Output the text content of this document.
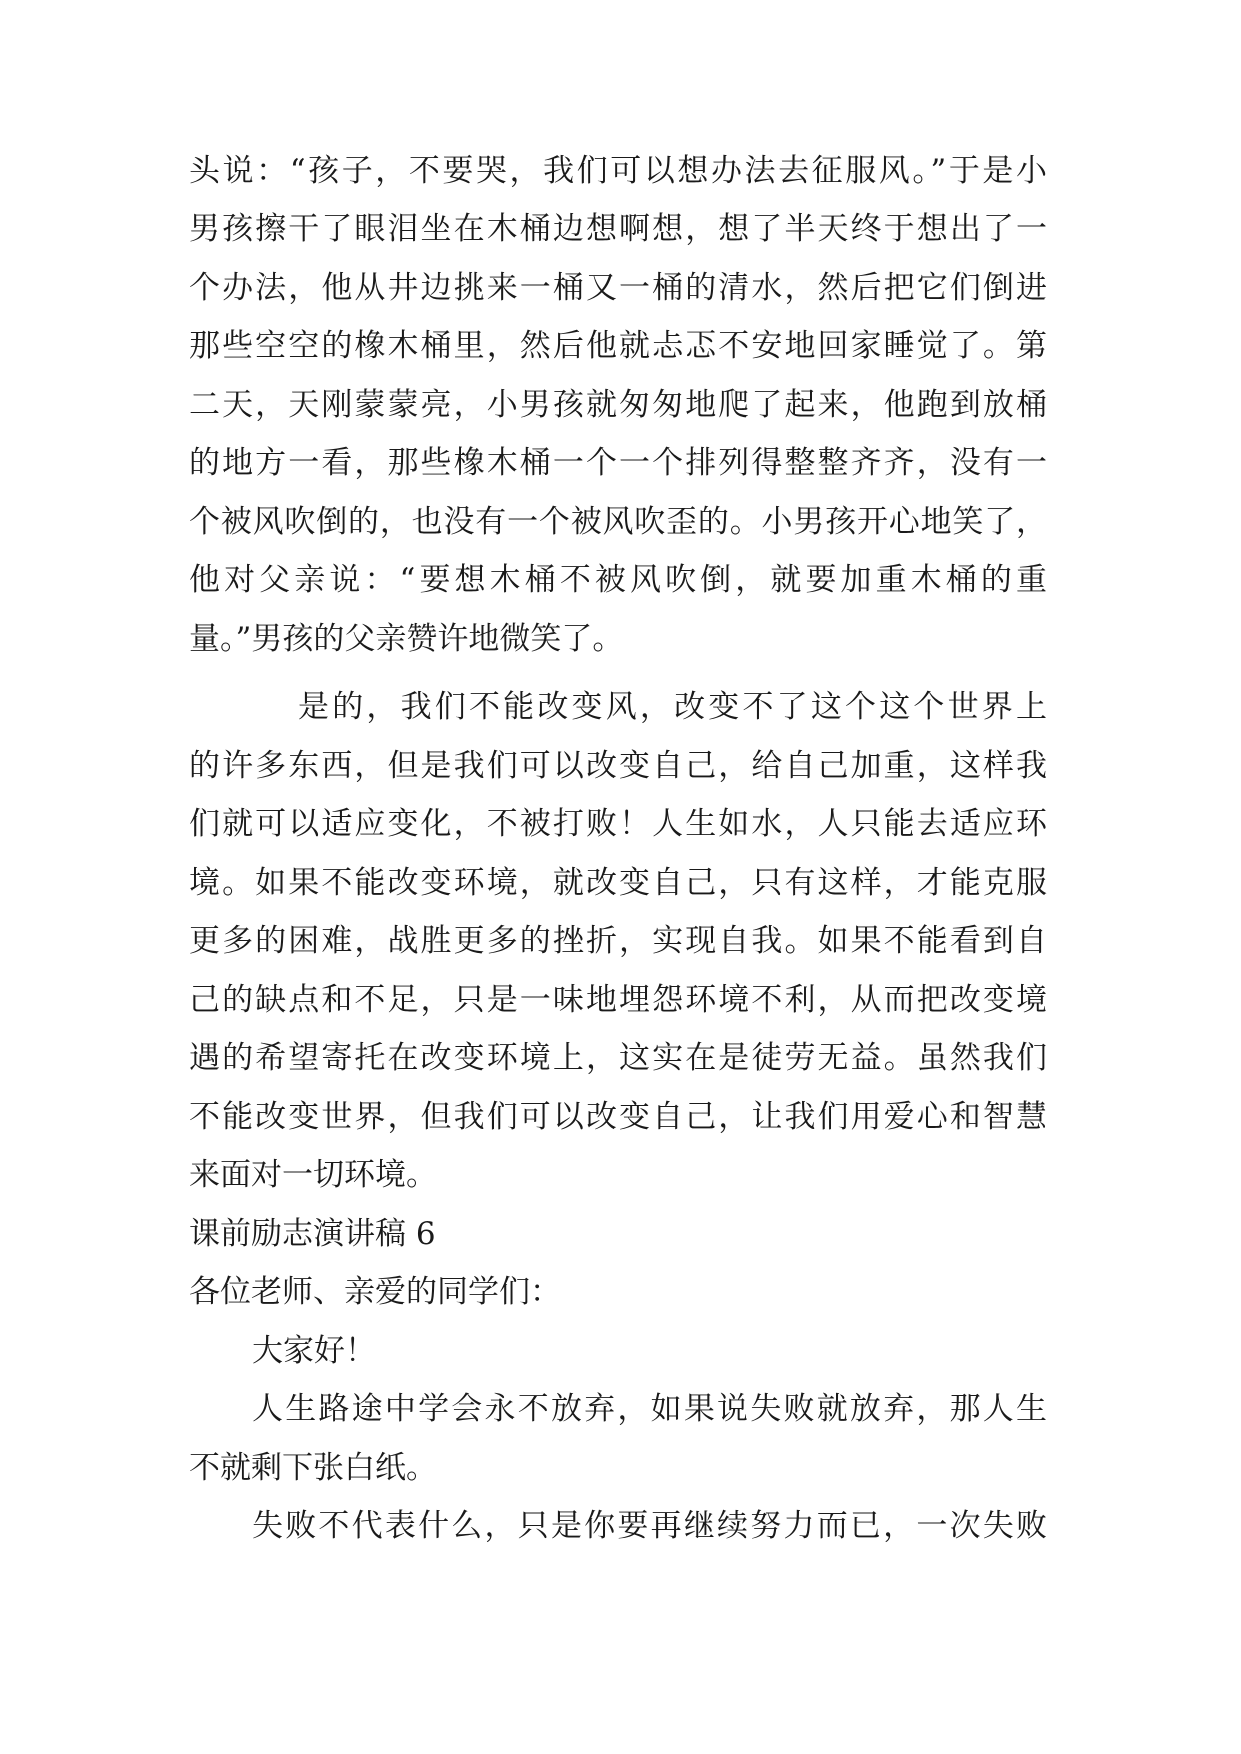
头说：“孩子，不要哭，我们可以想办法去征服风。”于是小
男孩擦干了眼泪坐在木桶边想啊想，想了半天终于想出了一
个办法，他从井边挑来一桶又一桶的清水，然后把它们倒进
那些空空的橡木桶里，然后他就忐忑不安地回家睡觉了。第
二天，天刚蒙蒙亮，小男孩就匆匆地爬了起来，他跑到放桶
的地方一看，那些橡木桶一个一个排列得整整齐齐，没有一
个被风吹倒的，也没有一个被风吹歪的。小男孩开心地笑了，
他对父亲说：“要想木桶不被风吹倒，就要加重木桶的重
量。”男孩的父亲赞许地微笑了。
是的，我们不能改变风，改变不了这个这个世界上
的许多东西，但是我们可以改变自己，给自己加重，这样我
们就可以适应变化，不被打败！人生如水，人只能去适应环
境。如果不能改变环境，就改变自己，只有这样，才能克服
更多的困难，战胜更多的挫折，实现自我。如果不能看到自
己的缺点和不足，只是一味地埋怨环境不利，从而把改变境
遇的希望寄托在改变环境上，这实在是徒劳无益。虽然我们
不能改变世界，但我们可以改变自己，让我们用爱心和智慧
来面对一切环境。
课前励志演讲稿 6
各位老师、亲爱的同学们：
大家好！
人生路途中学会永不放弃，如果说失败就放弃，那人生
不就剩下张白纸。
失败不代表什么，只是你要再继续努力而已，一次失败
